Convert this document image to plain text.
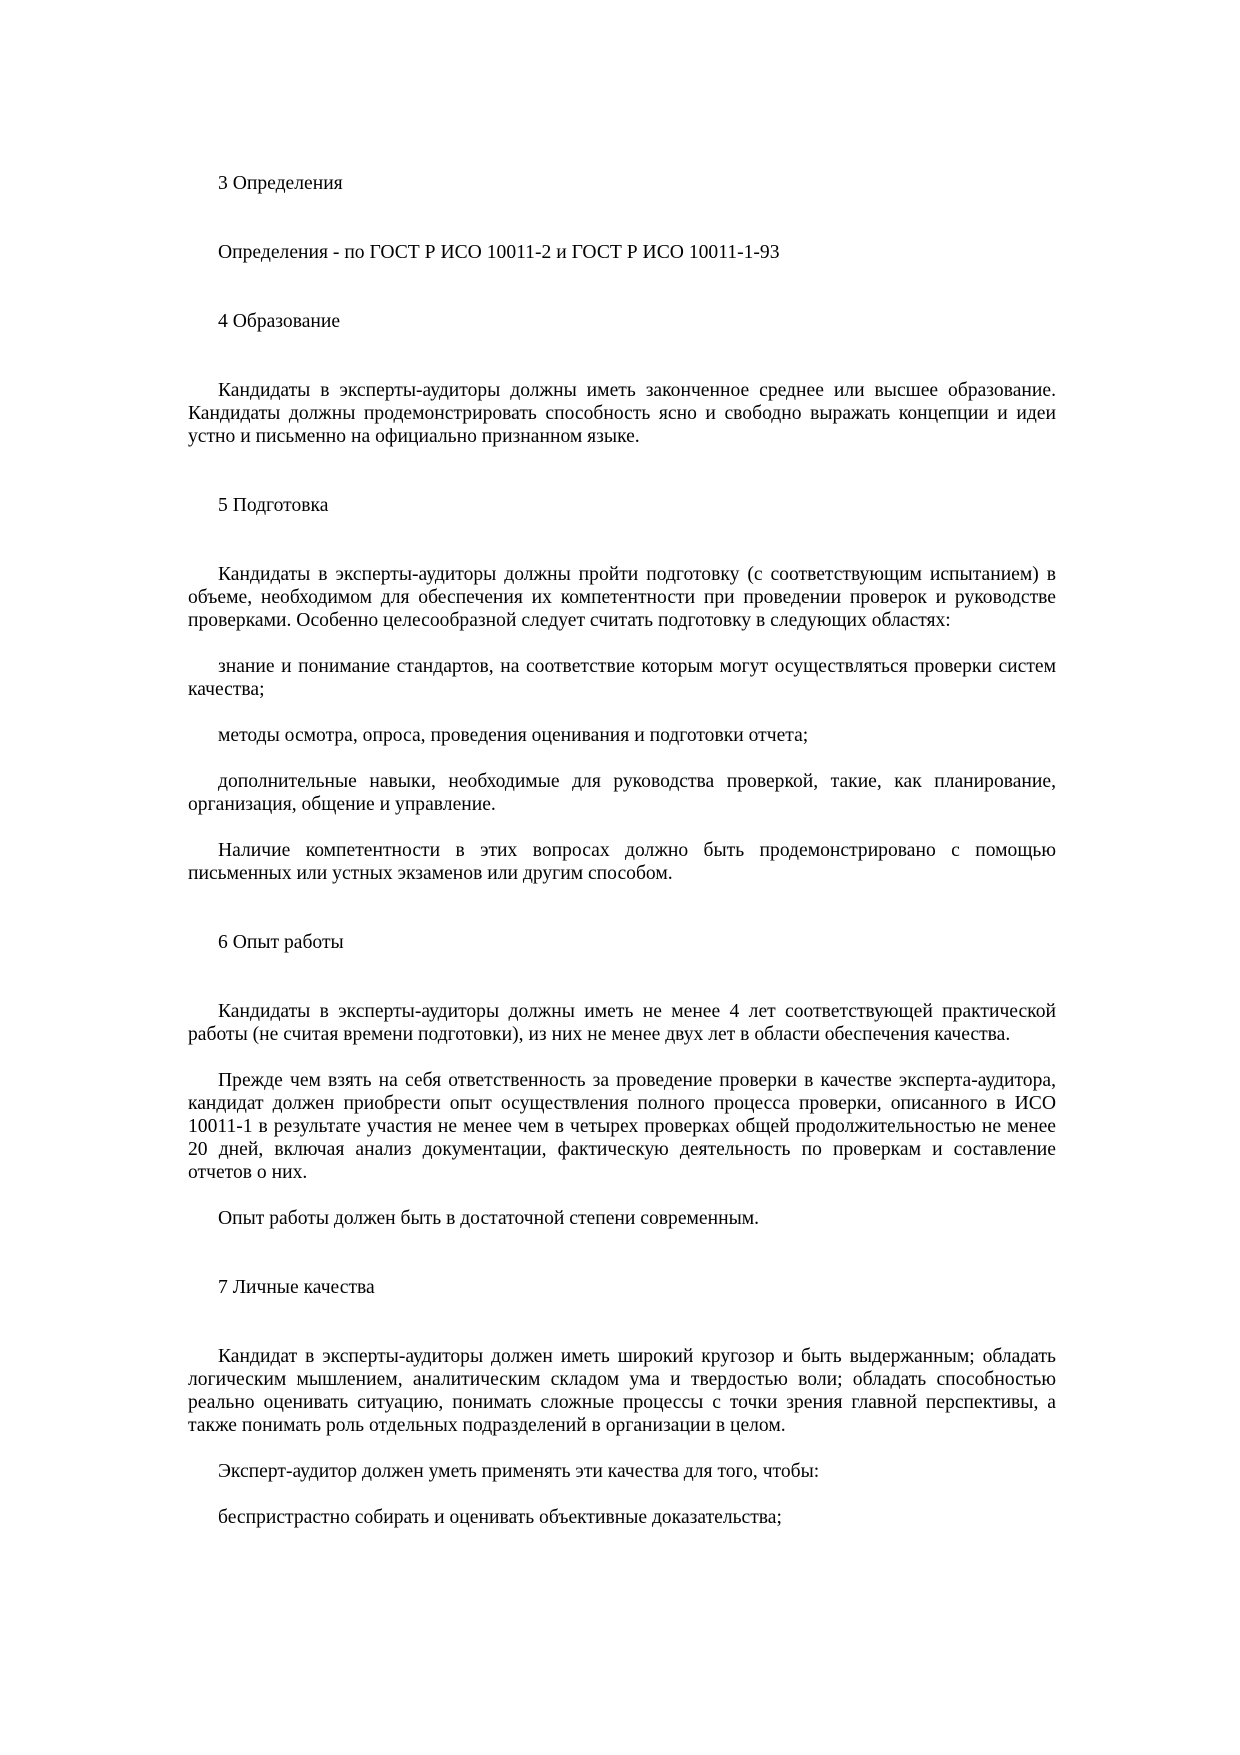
3 Определения

Определения - по ГОСТ Р ИСО 10011-2 и ГОСТ Р ИСО 10011-1-93

4 Образование

Кандидаты в эксперты-аудиторы должны иметь законченное среднее или высшее образование. Кандидаты должны продемонстрировать способность ясно и свободно выражать концепции и идеи устно и письменно на официально признанном языке.

5 Подготовка

Кандидаты в эксперты-аудиторы должны пройти подготовку (с соответствующим испытанием) в объеме, необходимом для обеспечения их компетентности при проведении проверок и руководстве проверками. Особенно целесообразной следует считать подготовку в следующих областях:

знание и понимание стандартов, на соответствие которым могут осуществляться проверки систем качества;

методы осмотра, опроса, проведения оценивания и подготовки отчета;

дополнительные навыки, необходимые для руководства проверкой, такие, как планирование, организация, общение и управление.

Наличие компетентности в этих вопросах должно быть продемонстрировано с помощью письменных или устных экзаменов или другим способом.

6 Опыт работы

Кандидаты в эксперты-аудиторы должны иметь не менее 4 лет соответствующей практической работы (не считая времени подготовки), из них не менее двух лет в области обеспечения качества.

Прежде чем взять на себя ответственность за проведение проверки в качестве эксперта-аудитора, кандидат должен приобрести опыт осуществления полного процесса проверки, описанного в ИСО 10011-1 в результате участия не менее чем в четырех проверках общей продолжительностью не менее 20 дней, включая анализ документации, фактическую деятельность по проверкам и составление отчетов о них.

Опыт работы должен быть в достаточной степени современным.

7 Личные качества

Кандидат в эксперты-аудиторы должен иметь широкий кругозор и быть выдержанным; обладать логическим мышлением, аналитическим складом ума и твердостью воли; обладать способностью реально оценивать ситуацию, понимать сложные процессы с точки зрения главной перспективы, а также понимать роль отдельных подразделений в организации в целом.

Эксперт-аудитор должен уметь применять эти качества для того, чтобы:

беспристрастно собирать и оценивать объективные доказательства;
